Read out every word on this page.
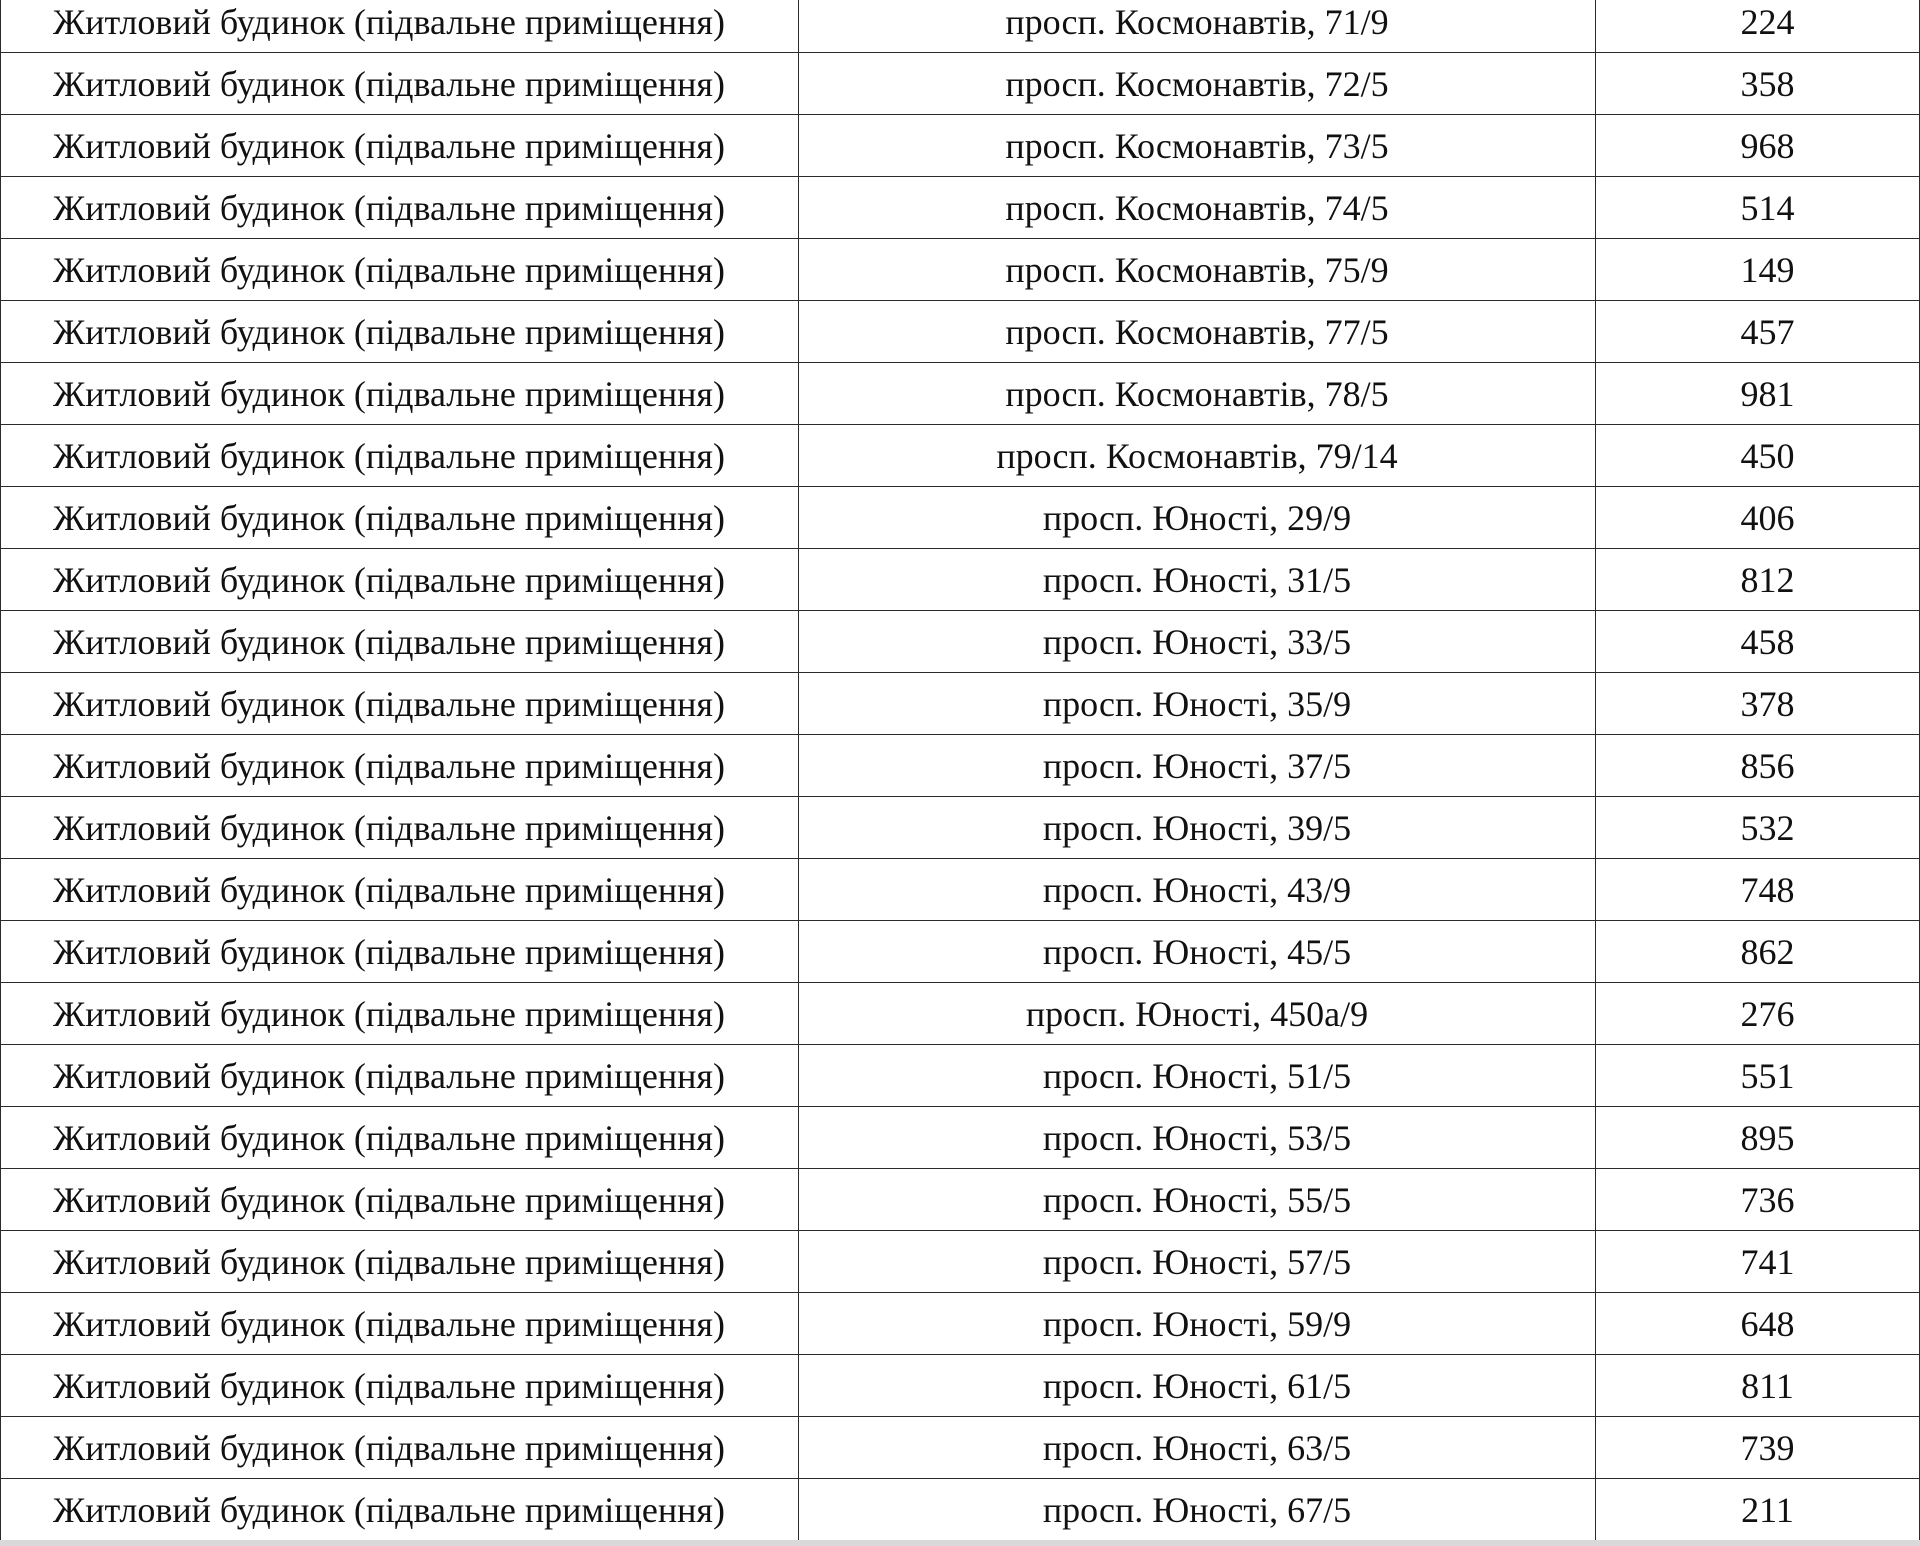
Житловий будинок (підвальне приміщення)	просп. Космонавтів, 71/9	224
Житловий будинок (підвальне приміщення)	просп. Космонавтів, 72/5	358
Житловий будинок (підвальне приміщення)	просп. Космонавтів, 73/5	968
Житловий будинок (підвальне приміщення)	просп. Космонавтів, 74/5	514
Житловий будинок (підвальне приміщення)	просп. Космонавтів, 75/9	149
Житловий будинок (підвальне приміщення)	просп. Космонавтів, 77/5	457
Житловий будинок (підвальне приміщення)	просп. Космонавтів, 78/5	981
Житловий будинок (підвальне приміщення)	просп. Космонавтів, 79/14	450
Житловий будинок (підвальне приміщення)	просп. Юності, 29/9	406
Житловий будинок (підвальне приміщення)	просп. Юності, 31/5	812
Житловий будинок (підвальне приміщення)	просп. Юності, 33/5	458
Житловий будинок (підвальне приміщення)	просп. Юності, 35/9	378
Житловий будинок (підвальне приміщення)	просп. Юності, 37/5	856
Житловий будинок (підвальне приміщення)	просп. Юності, 39/5	532
Житловий будинок (підвальне приміщення)	просп. Юності, 43/9	748
Житловий будинок (підвальне приміщення)	просп. Юності, 45/5	862
Житловий будинок (підвальне приміщення)	просп. Юності, 450а/9	276
Житловий будинок (підвальне приміщення)	просп. Юності, 51/5	551
Житловий будинок (підвальне приміщення)	просп. Юності, 53/5	895
Житловий будинок (підвальне приміщення)	просп. Юності, 55/5	736
Житловий будинок (підвальне приміщення)	просп. Юності, 57/5	741
Житловий будинок (підвальне приміщення)	просп. Юності, 59/9	648
Житловий будинок (підвальне приміщення)	просп. Юності, 61/5	811
Житловий будинок (підвальне приміщення)	просп. Юності, 63/5	739
Житловий будинок (підвальне приміщення)	просп. Юності, 67/5	211
